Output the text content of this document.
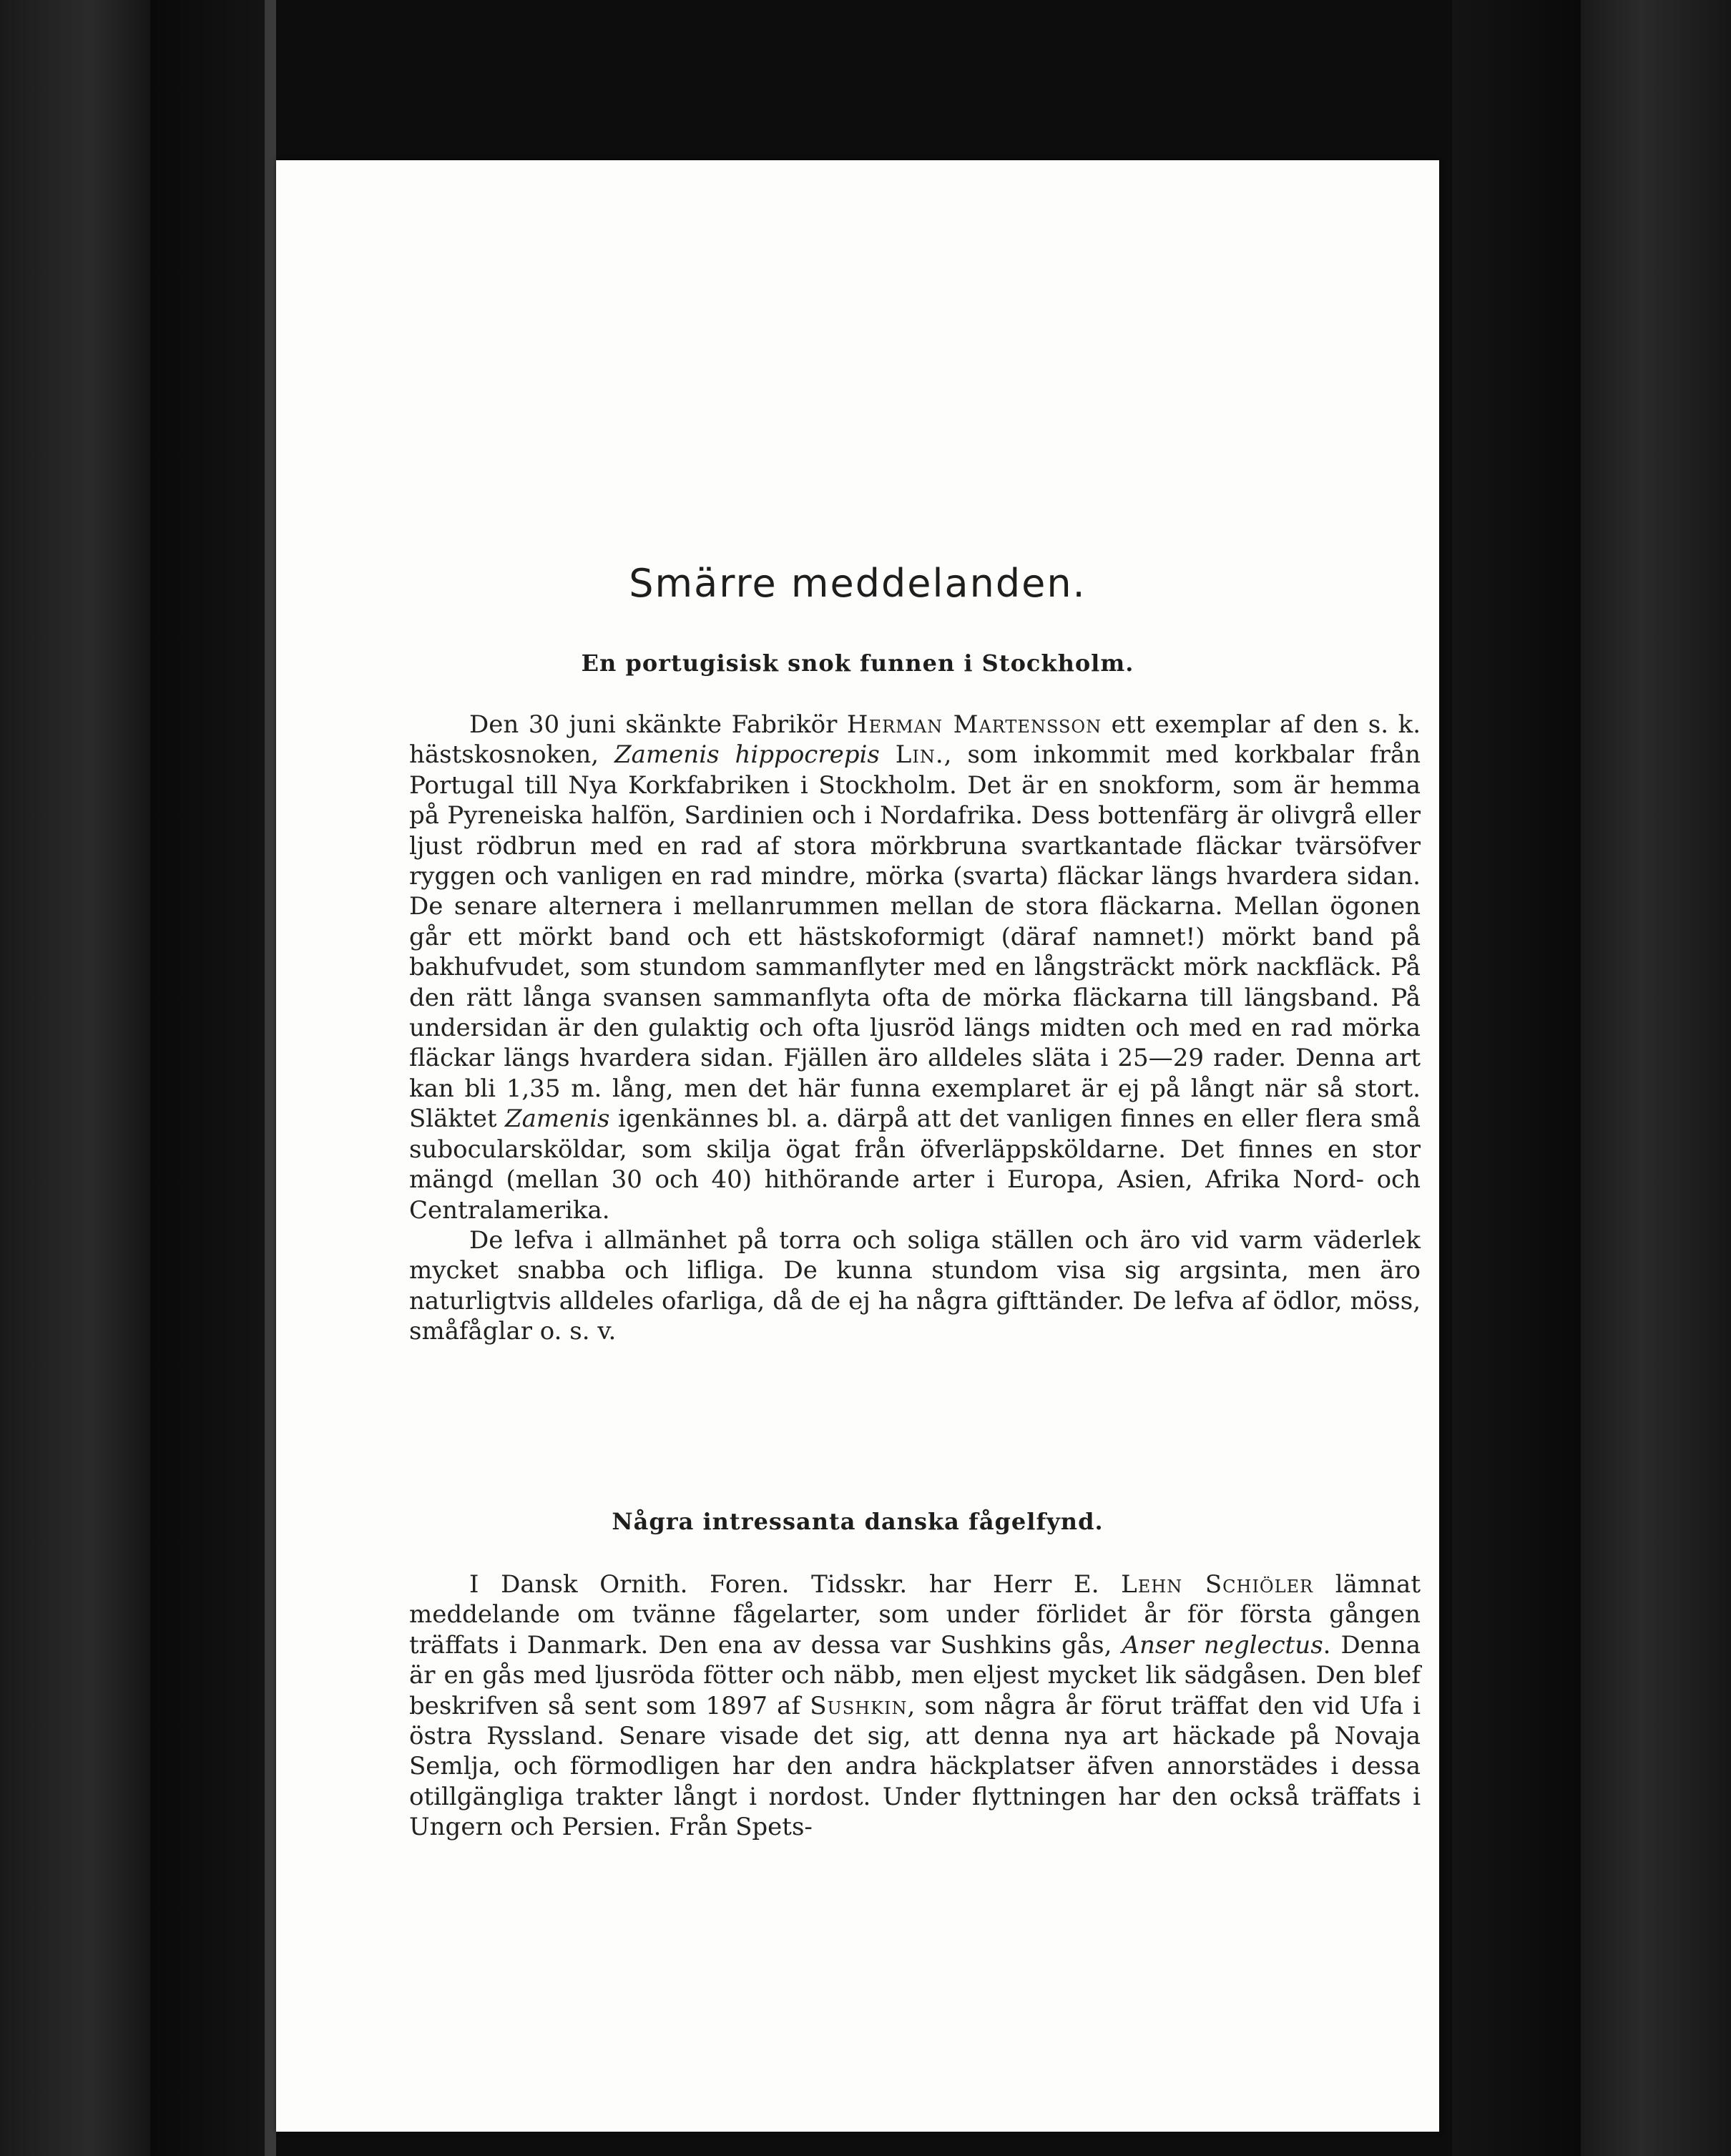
Smärre meddelanden.
En portugisisk snok funnen i Stockholm.

Den 30 juni skänkte Fabrikör Herman Martensson ett exemplar af den s. k. hästskosnoken, Zamenis hippocrepis Lin., som inkommit med korkbalar från Portugal till Nya Korkfabriken i Stockholm. Det är en snokform, som är hemma på Pyreneiska halfön, Sardinien och i Nordafrika. Dess bottenfärg är olivgrå eller ljust rödbrun med en rad af stora mörkbruna svartkantade fläckar tvärsöfver ryggen och vanligen en rad mindre, mörka (svarta) fläckar längs hvardera sidan. De senare alternera i mellanrummen mellan de stora fläckarna. Mellan ögonen går ett mörkt band och ett hästskoformigt (däraf namnet!) mörkt band på bakhufvudet, som stundom sammanflyter med en långsträckt mörk nackfläck. På den rätt långa svansen sammanflyta ofta de mörka fläckarna till längsband. På undersidan är den gulaktig och ofta ljusröd längs midten och med en rad mörka fläckar längs hvardera sidan. Fjällen äro alldeles släta i 25—29 rader. Denna art kan bli 1,35 m. lång, men det här funna exemplaret är ej på långt när så stort. Släktet Zamenis igenkännes bl. a. därpå att det vanligen finnes en eller flera små subocularsköldar, som skilja ögat från öfverläppsköldarne. Det finnes en stor mängd (mellan 30 och 40) hithörande arter i Europa, Asien, Afrika Nord- och Centralamerika.

De lefva i allmänhet på torra och soliga ställen och äro vid varm väderlek mycket snabba och lifliga. De kunna stundom visa sig argsinta, men äro naturligtvis alldeles ofarliga, då de ej ha några gifttänder. De lefva af ödlor, möss, småfåglar o. s. v.

Några intressanta danska fågelfynd.

I Dansk Ornith. Foren. Tidsskr. har Herr E. Lehn Schiöler lämnat meddelande om tvänne fågelarter, som under förlidet år för första gången träffats i Danmark. Den ena av dessa var Sushkins gås, Anser neglectus. Denna är en gås med ljusröda fötter och näbb, men eljest mycket lik sädgåsen. Den blef beskrifven så sent som 1897 af Sushkin, som några år förut träffat den vid Ufa i östra Ryssland. Senare visade det sig, att denna nya art häckade på Novaja Semlja, och förmodligen har den andra häckplatser äfven annorstädes i dessa otillgängliga trakter långt i nordost. Under flyttningen har den också träffats i Ungern och Persien. Från Spets-
